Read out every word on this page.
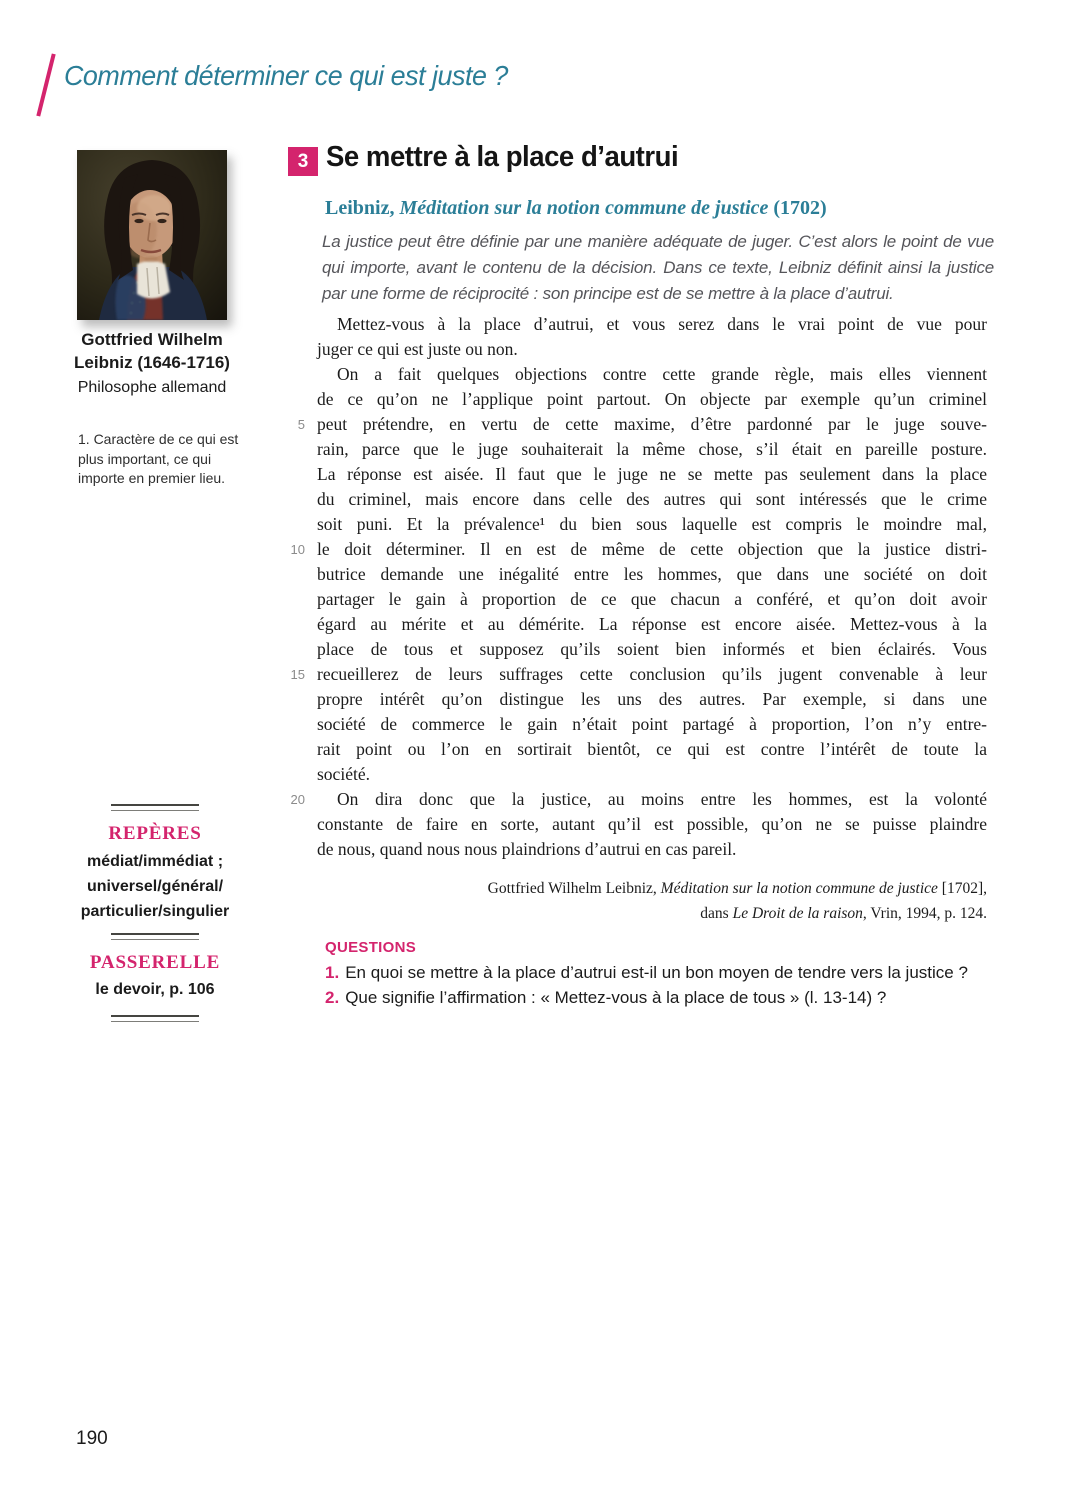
Comment déterminer ce qui est juste ?
Gottfried Wilhelm
Leibniz (1646-1716)
Philosophe allemand
1. Caractère de ce qui est plus important, ce qui importe en premier lieu.
REPÈRES
médiat/immédiat ;
universel/général/
particulier/singulier
PASSERELLE
le devoir, p. 106
3 Se mettre à la place d’autrui
Leibniz, Méditation sur la notion commune de justice (1702)
La justice peut être définie par une manière adéquate de juger. C’est alors le point de vue qui importe, avant le contenu de la décision. Dans ce texte, Leibniz définit ainsi la justice par une forme de réciprocité : son principe est de se mettre à la place d’autrui.
Mettez-vous à la place d’autrui, et vous serez dans le vrai point de vue pour
juger ce qui est juste ou non.
On a fait quelques objections contre cette grande règle, mais elles viennent
de ce qu’on ne l’applique point partout. On objecte par exemple qu’un criminel
5 peut prétendre, en vertu de cette maxime, d’être pardonné par le juge souve-
rain, parce que le juge souhaiterait la même chose, s’il était en pareille posture.
La réponse est aisée. Il faut que le juge ne se mette pas seulement dans la place
du criminel, mais encore dans celle des autres qui sont intéressés que le crime
soit puni. Et la prévalence¹ du bien sous laquelle est compris le moindre mal,
10 le doit déterminer. Il en est de même de cette objection que la justice distri-
butrice demande une inégalité entre les hommes, que dans une société on doit
partager le gain à proportion de ce que chacun a conféré, et qu’on doit avoir
égard au mérite et au démérite. La réponse est encore aisée. Mettez-vous à la
place de tous et supposez qu’ils soient bien informés et bien éclairés. Vous
15 recueillerez de leurs suffrages cette conclusion qu’ils jugent convenable à leur
propre intérêt qu’on distingue les uns des autres. Par exemple, si dans une
société de commerce le gain n’était point partagé à proportion, l’on n’y entre-
rait point ou l’on en sortirait bientôt, ce qui est contre l’intérêt de toute la
société.
20	On dira donc que la justice, au moins entre les hommes, est la volonté
constante de faire en sorte, autant qu’il est possible, qu’on ne se puisse plaindre
de nous, quand nous nous plaindrions d’autrui en cas pareil.
Gottfried Wilhelm Leibniz, Méditation sur la notion commune de justice [1702],
dans Le Droit de la raison, Vrin, 1994, p. 124.
QUESTIONS
1. En quoi se mettre à la place d’autrui est-il un bon moyen de tendre vers la justice ?
2. Que signifie l’affirmation : « Mettez-vous à la place de tous » (l. 13-14) ?
190
